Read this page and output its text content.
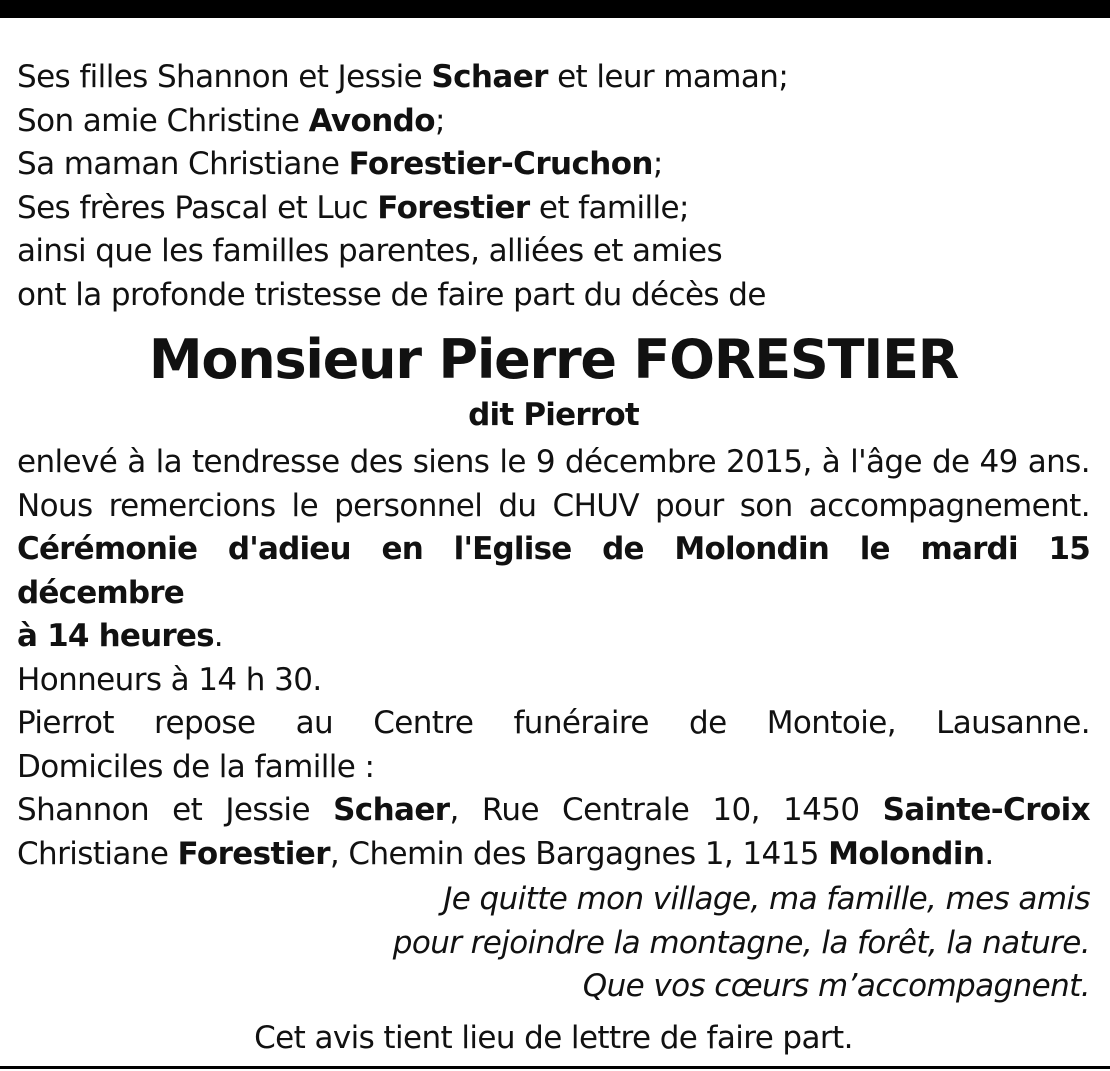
Ses filles Shannon et Jessie Schaer et leur maman;
Son amie Christine Avondo;
Sa maman Christiane Forestier-Cruchon;
Ses frères Pascal et Luc Forestier et famille;
ainsi que les familles parentes, alliées et amies
ont la profonde tristesse de faire part du décès de
Monsieur Pierre FORESTIER
dit Pierrot
enlevé à la tendresse des siens le 9 décembre 2015, à l'âge de 49 ans.
Nous remercions le personnel du CHUV pour son accompagnement.
Cérémonie d'adieu en l'Eglise de Molondin le mardi 15 décembre
à 14 heures.
Honneurs à 14 h 30.
Pierrot repose au Centre funéraire de Montoie, Lausanne.
Domiciles de la famille :
Shannon et Jessie Schaer, Rue Centrale 10, 1450 Sainte-Croix
Christiane Forestier, Chemin des Bargagnes 1, 1415 Molondin.
Je quitte mon village, ma famille, mes amis
pour rejoindre la montagne, la forêt, la nature.
Que vos cœurs m’accompagnent.
Cet avis tient lieu de lettre de faire part.
